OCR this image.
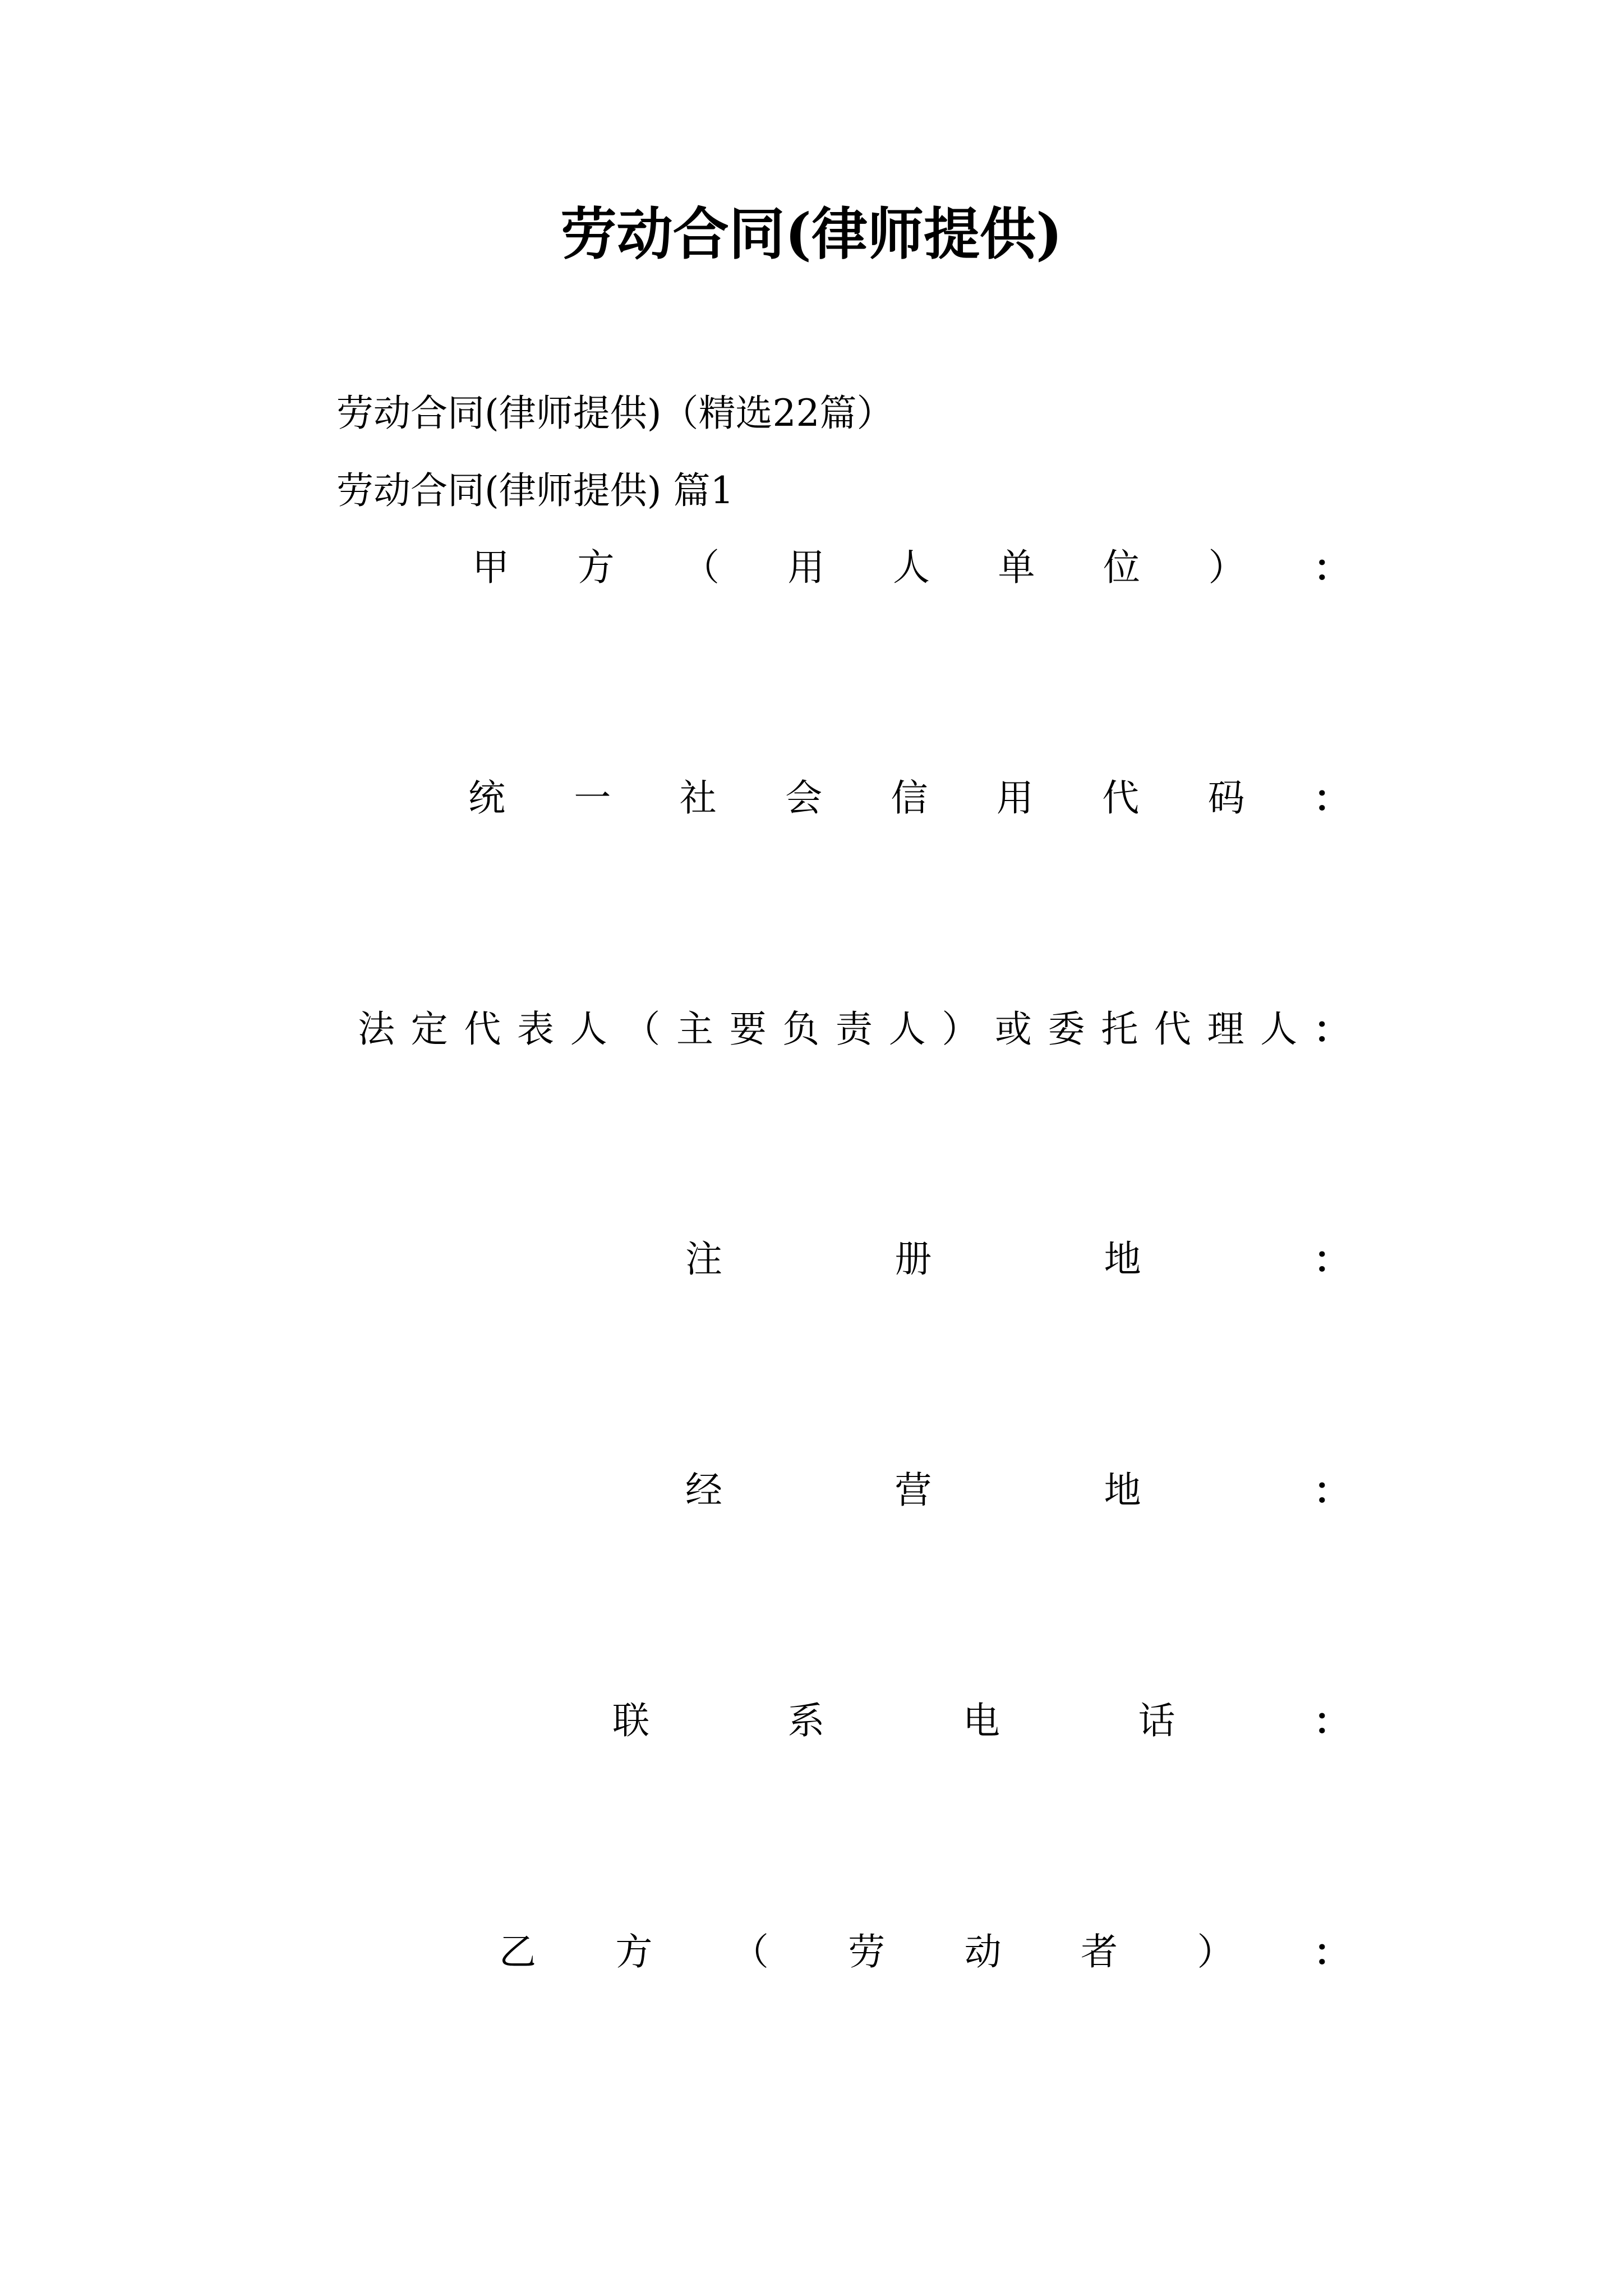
劳动合同(律师提供)

劳动合同(律师提供)（精选22篇）

劳动合同(律师提供) 篇1

甲 方 （ 用 人 单 位 ） ：
统 一 社 会 信 用 代 码 ：
法 定 代 表 人 （ 主 要 负 责 人 ） 或 委 托 代 理 人 ：
注	册	地	：
经	营	地	：
联	系	电	话	：
乙 方 （ 劳 动 者 ） ：
